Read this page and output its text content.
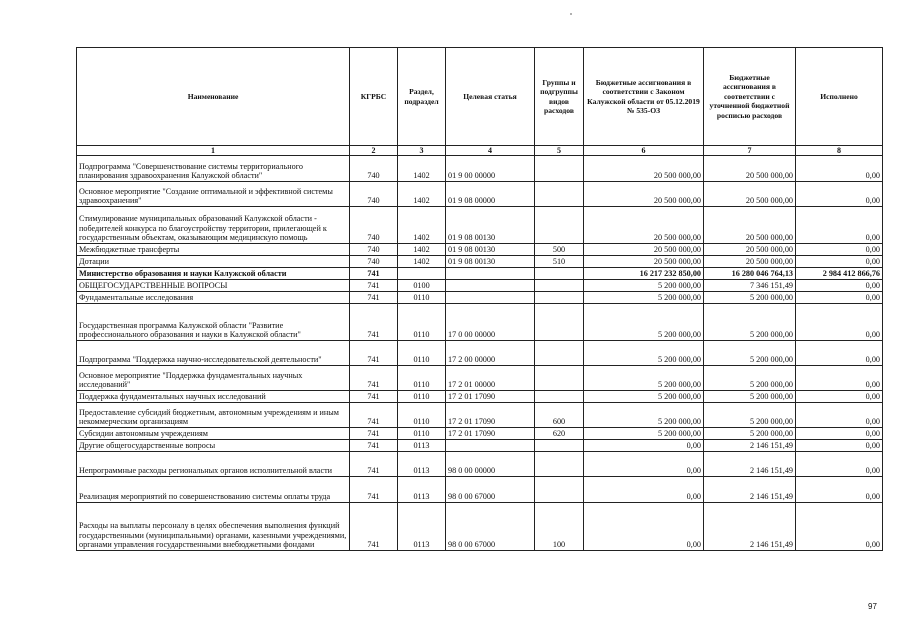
Наименование	КГРБС	Раздел, подраздел	Целевая статья	Группы и подгруппы видов расходов	Бюджетные ассигнования в соответствии с Законом Калужской области от 05.12.2019 № 535-ОЗ	Бюджетные ассигнования в соответствии с уточненной бюджетной росписью расходов	Исполнено
1	2	3	4	5	6	7	8
Подпрограмма "Совершенствование системы территориального планирования здравоохранения Калужской области"	740	1402	01 9 00 00000		20 500 000,00	20 500 000,00	0,00
Основное мероприятие "Создание оптимальной и эффективной системы здравоохранения"	740	1402	01 9 08 00000		20 500 000,00	20 500 000,00	0,00
Стимулирование муниципальных образований Калужской области - победителей конкурса по благоустройству территории, прилегающей к государственным объектам, оказывающим медицинскую помощь	740	1402	01 9 08 00130		20 500 000,00	20 500 000,00	0,00
Межбюджетные трансферты	740	1402	01 9 08 00130	500	20 500 000,00	20 500 000,00	0,00
Дотации	740	1402	01 9 08 00130	510	20 500 000,00	20 500 000,00	0,00
Министерство образования и науки Калужской области	741				16 217 232 850,00	16 280 046 764,13	2 984 412 866,76
ОБЩЕГОСУДАРСТВЕННЫЕ ВОПРОСЫ	741	0100			5 200 000,00	7 346 151,49	0,00
Фундаментальные исследования	741	0110			5 200 000,00	5 200 000,00	0,00
Государственная программа Калужской области "Развитие профессионального образования и науки в Калужской области"	741	0110	17 0 00 00000		5 200 000,00	5 200 000,00	0,00
Подпрограмма "Поддержка научно-исследовательской деятельности"	741	0110	17 2 00 00000		5 200 000,00	5 200 000,00	0,00
Основное мероприятие "Поддержка фундаментальных научных исследований"	741	0110	17 2 01 00000		5 200 000,00	5 200 000,00	0,00
Поддержка фундаментальных научных исследований	741	0110	17 2 01 17090		5 200 000,00	5 200 000,00	0,00
Предоставление субсидий бюджетным, автономным учреждениям и иным некоммерческим организациям	741	0110	17 2 01 17090	600	5 200 000,00	5 200 000,00	0,00
Субсидии автономным учреждениям	741	0110	17 2 01 17090	620	5 200 000,00	5 200 000,00	0,00
Другие общегосударственные вопросы	741	0113			0,00	2 146 151,49	0,00
Непрограммные расходы региональных органов исполнительной власти	741	0113	98 0 00 00000		0,00	2 146 151,49	0,00
Реализация мероприятий по совершенствованию системы оплаты труда	741	0113	98 0 00 67000		0,00	2 146 151,49	0,00
Расходы на выплаты персоналу в целях обеспечения выполнения функций государственными (муниципальными) органами, казенными учреждениями, органами управления государственными внебюджетными фондами	741	0113	98 0 00 67000	100	0,00	2 146 151,49	0,00
97
